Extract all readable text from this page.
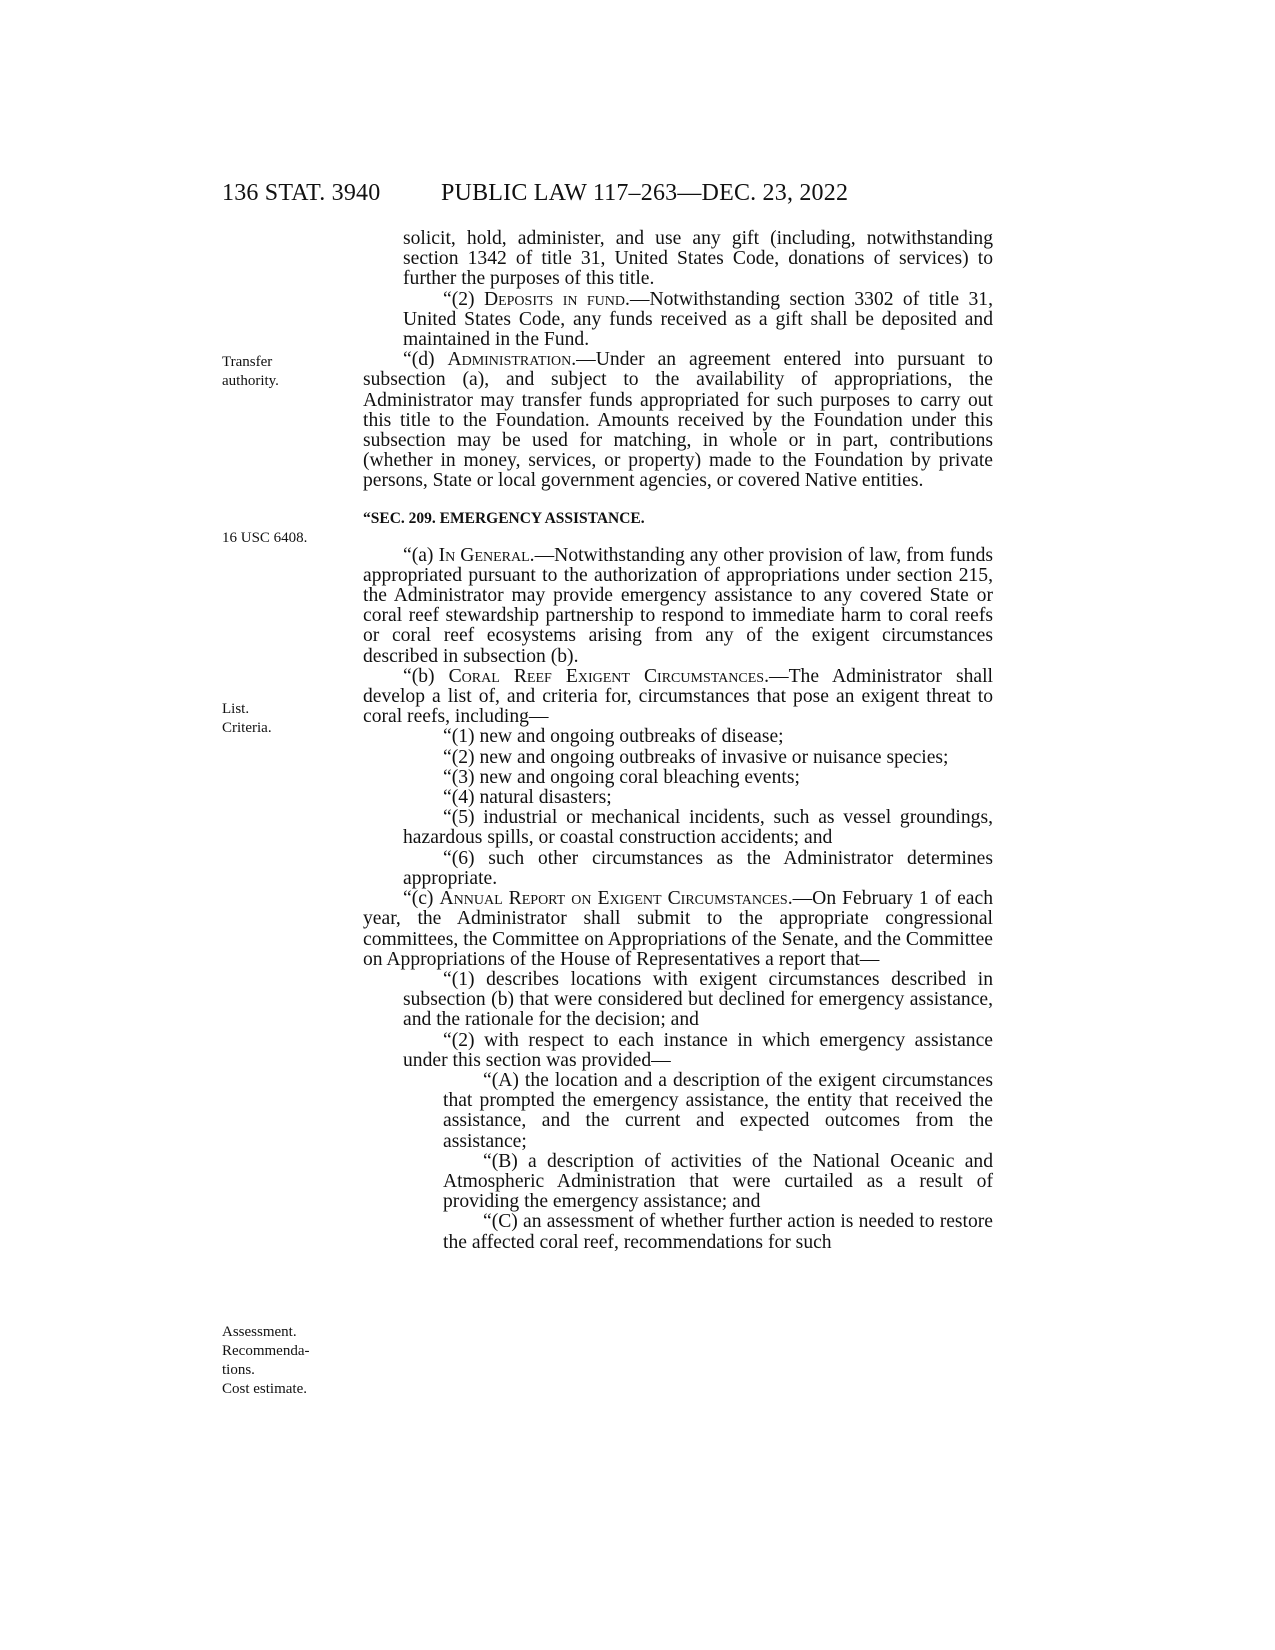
136 STAT. 3940	PUBLIC LAW 117–263—DEC. 23, 2022
Transfer
authority.
16 USC 6408.
List.
Criteria.
Assessment.
Recommenda-
tions.
Cost estimate.

solicit, hold, administer, and use any gift (including, notwithstanding section 1342 of title 31, United States Code, donations of services) to further the purposes of this title.

“(2) Deposits in fund.—Notwithstanding section 3302 of title 31, United States Code, any funds received as a gift shall be deposited and maintained in the Fund.

“(d) Administration.—Under an agreement entered into pursuant to subsection (a), and subject to the availability of appropriations, the Administrator may transfer funds appropriated for such purposes to carry out this title to the Foundation. Amounts received by the Foundation under this subsection may be used for matching, in whole or in part, contributions (whether in money, services, or property) made to the Foundation by private persons, State or local government agencies, or covered Native entities.

“SEC. 209. EMERGENCY ASSISTANCE.

“(a) In General.—Notwithstanding any other provision of law, from funds appropriated pursuant to the authorization of appropriations under section 215, the Administrator may provide emergency assistance to any covered State or coral reef stewardship partnership to respond to immediate harm to coral reefs or coral reef ecosystems arising from any of the exigent circumstances described in subsection (b).

“(b) Coral Reef Exigent Circumstances.—The Administrator shall develop a list of, and criteria for, circumstances that pose an exigent threat to coral reefs, including—

“(1) new and ongoing outbreaks of disease;

“(2) new and ongoing outbreaks of invasive or nuisance species;

“(3) new and ongoing coral bleaching events;

“(4) natural disasters;

“(5) industrial or mechanical incidents, such as vessel groundings, hazardous spills, or coastal construction accidents; and

“(6) such other circumstances as the Administrator determines appropriate.

“(c) Annual Report on Exigent Circumstances.—On February 1 of each year, the Administrator shall submit to the appropriate congressional committees, the Committee on Appropriations of the Senate, and the Committee on Appropriations of the House of Representatives a report that—

“(1) describes locations with exigent circumstances described in subsection (b) that were considered but declined for emergency assistance, and the rationale for the decision; and

“(2) with respect to each instance in which emergency assistance under this section was provided—

“(A) the location and a description of the exigent circumstances that prompted the emergency assistance, the entity that received the assistance, and the current and expected outcomes from the assistance;

“(B) a description of activities of the National Oceanic and Atmospheric Administration that were curtailed as a result of providing the emergency assistance; and

“(C) an assessment of whether further action is needed to restore the affected coral reef, recommendations for such
